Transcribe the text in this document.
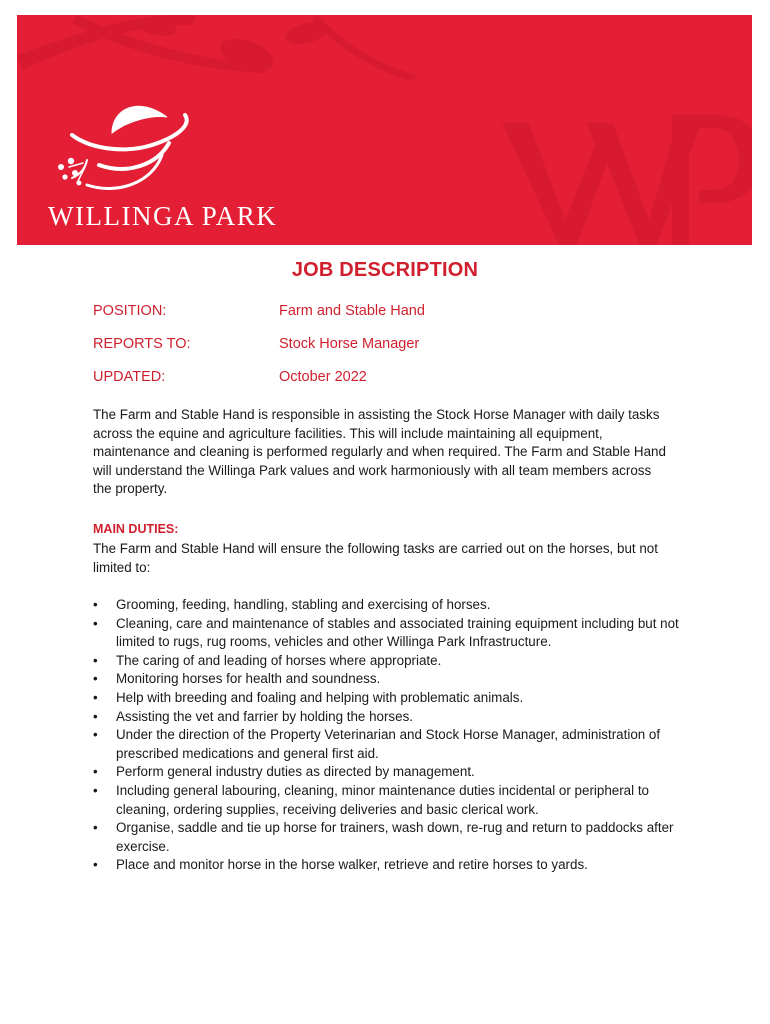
WILLINGA PARK
JOB DESCRIPTION
POSITION:	Farm and Stable Hand
REPORTS TO:	Stock Horse Manager
UPDATED:	October 2022

The Farm and Stable Hand is responsible in assisting the Stock Horse Manager with daily tasks across the equine and agriculture facilities. This will include maintaining all equipment, maintenance and cleaning is performed regularly and when required. The Farm and Stable Hand will understand the Willinga Park values and work harmoniously with all team members across the property.

MAIN DUTIES:

The Farm and Stable Hand will ensure the following tasks are carried out on the horses, but not limited to:

• Grooming, feeding, handling, stabling and exercising of horses.
• Cleaning, care and maintenance of stables and associated training equipment including but not limited to rugs, rug rooms, vehicles and other Willinga Park Infrastructure.
• The caring of and leading of horses where appropriate.
• Monitoring horses for health and soundness.
• Help with breeding and foaling and helping with problematic animals.
• Assisting the vet and farrier by holding the horses.
• Under the direction of the Property Veterinarian and Stock Horse Manager, administration of prescribed medications and general first aid.
• Perform general industry duties as directed by management.
• Including general labouring, cleaning, minor maintenance duties incidental or peripheral to cleaning, ordering supplies, receiving deliveries and basic clerical work.
• Organise, saddle and tie up horse for trainers, wash down, re-rug and return to paddocks after exercise.
• Place and monitor horse in the horse walker, retrieve and retire horses to yards.
